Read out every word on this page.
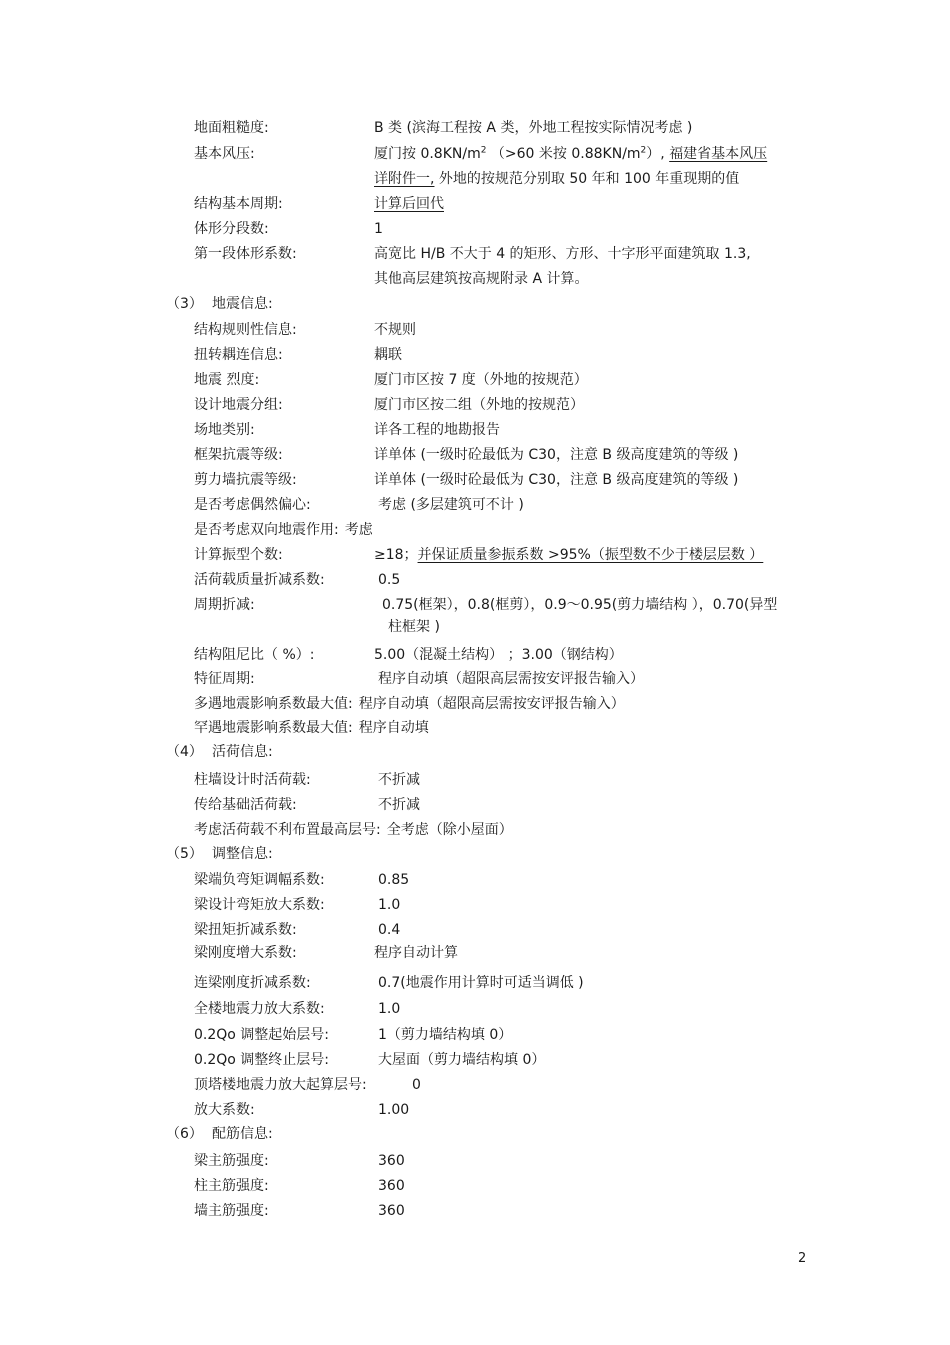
地面粗糙度:	B 类 (滨海工程按 A 类，外地工程按实际情况考虑 )
基本风压:	厦门按 $0.8KN/m^2$ （>60 米按 $0.88KN/m^2$）, 福建省基本风压
详附件一, 外地的按规范分别取 50 年和 100 年重现期的值
结构基本周期:	计算后回代
体形分段数:	1
第一段体形系数:	高宽比 H/B 不大于 4 的矩形、方形、十字形平面建筑取 1.3,
其他高层建筑按高规附录 A 计算。
（3） 地震信息:
结构规则性信息:	不规则
扭转耦连信息:	耦联
地震 烈度:	厦门市区按 7 度（外地的按规范）
设计地震分组:	厦门市区按二组（外地的按规范）
场地类别:	详各工程的地勘报告
框架抗震等级:	详单体 (一级时砼最低为 C30，注意 B 级高度建筑的等级 )
剪力墙抗震等级:	详单体 (一级时砼最低为 C30，注意 B 级高度建筑的等级 )
是否考虑偶然偏心:	考虑 (多层建筑可不计 )
是否考虑双向地震作用: 考虑
计算振型个数:	≥18；并保证质量参振系数 >95%（振型数不少于楼层层数 ）
活荷载质量折减系数:	0.5
周期折减:	0.75(框架），0.8(框剪），0.9～0.95(剪力墙结构 ），0.70(异型
柱框架 )
结构阻尼比（ %）:	5.00（混凝土结构） ；3.00（钢结构）
特征周期:	程序自动填（超限高层需按安评报告输入）
多遇地震影响系数最大值: 程序自动填（超限高层需按安评报告输入）
罕遇地震影响系数最大值: 程序自动填
（4） 活荷信息:
柱墙设计时活荷载:	不折减
传给基础活荷载:	不折减
考虑活荷载不利布置最高层号: 全考虑（除小屋面）
（5） 调整信息:
梁端负弯矩调幅系数:	0.85
梁设计弯矩放大系数:	1.0
梁扭矩折减系数:	0.4
梁刚度增大系数:	程序自动计算
连梁刚度折减系数:	0.7(地震作用计算时可适当调低 )
全楼地震力放大系数:	1.0
0.2Qo 调整起始层号:	1（剪力墙结构填 0）
0.2Qo 调整终止层号:	大屋面（剪力墙结构填 0）
顶塔楼地震力放大起算层号:	0
放大系数:	1.00
（6） 配筋信息:
梁主筋强度:	360
柱主筋强度:	360
墙主筋强度:	360
2
